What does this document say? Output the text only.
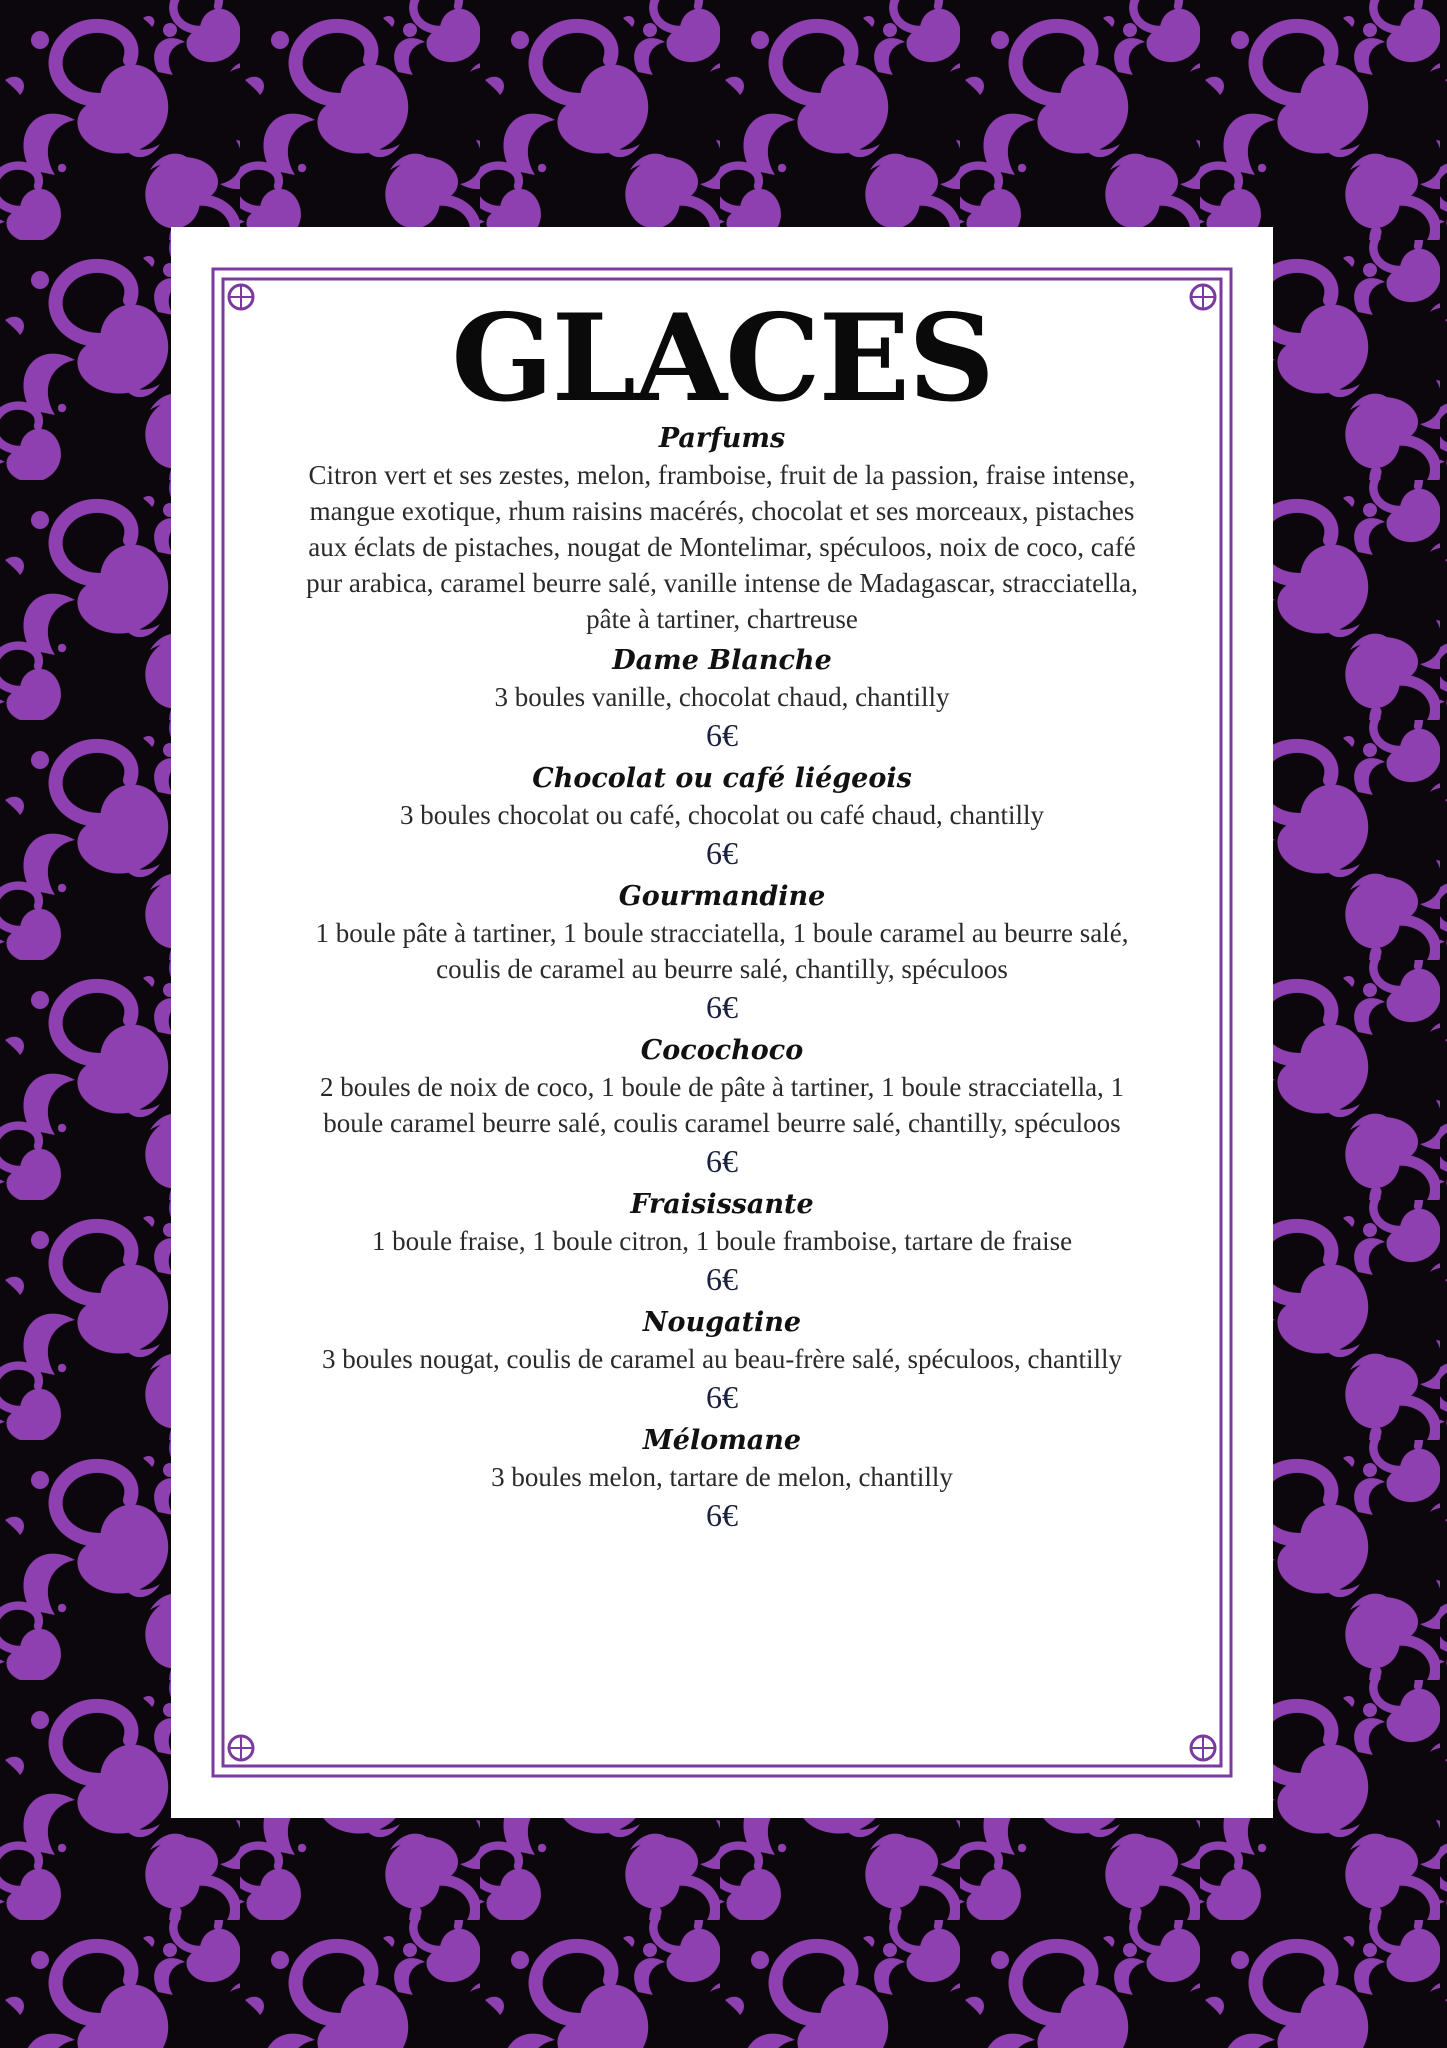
GLACES
Parfums
Citron vert et ses zestes, melon, framboise, fruit de la passion, fraise intense, mangue exotique, rhum raisins macérés, chocolat et ses morceaux, pistaches aux éclats de pistaches, nougat de Montelimar, spéculoos, noix de coco, café pur arabica, caramel beurre salé, vanille intense de Madagascar, stracciatella, pâte à tartiner, chartreuse
Dame Blanche
3 boules vanille, chocolat chaud, chantilly
6€
Chocolat ou café liégeois
3 boules chocolat ou café, chocolat ou café chaud, chantilly
6€
Gourmandine
1 boule pâte à tartiner, 1 boule stracciatella, 1 boule caramel au beurre salé, coulis de caramel au beurre salé, chantilly, spéculoos
6€
Cocochoco
2 boules de noix de coco, 1 boule de pâte à tartiner, 1 boule stracciatella, 1 boule caramel beurre salé, coulis caramel beurre salé, chantilly, spéculoos
6€
Fraisissante
1 boule fraise, 1 boule citron, 1 boule framboise, tartare de fraise
6€
Nougatine
3 boules nougat, coulis de caramel au beau-frère salé, spéculoos, chantilly
6€
Mélomane
3 boules melon, tartare de melon, chantilly
6€
